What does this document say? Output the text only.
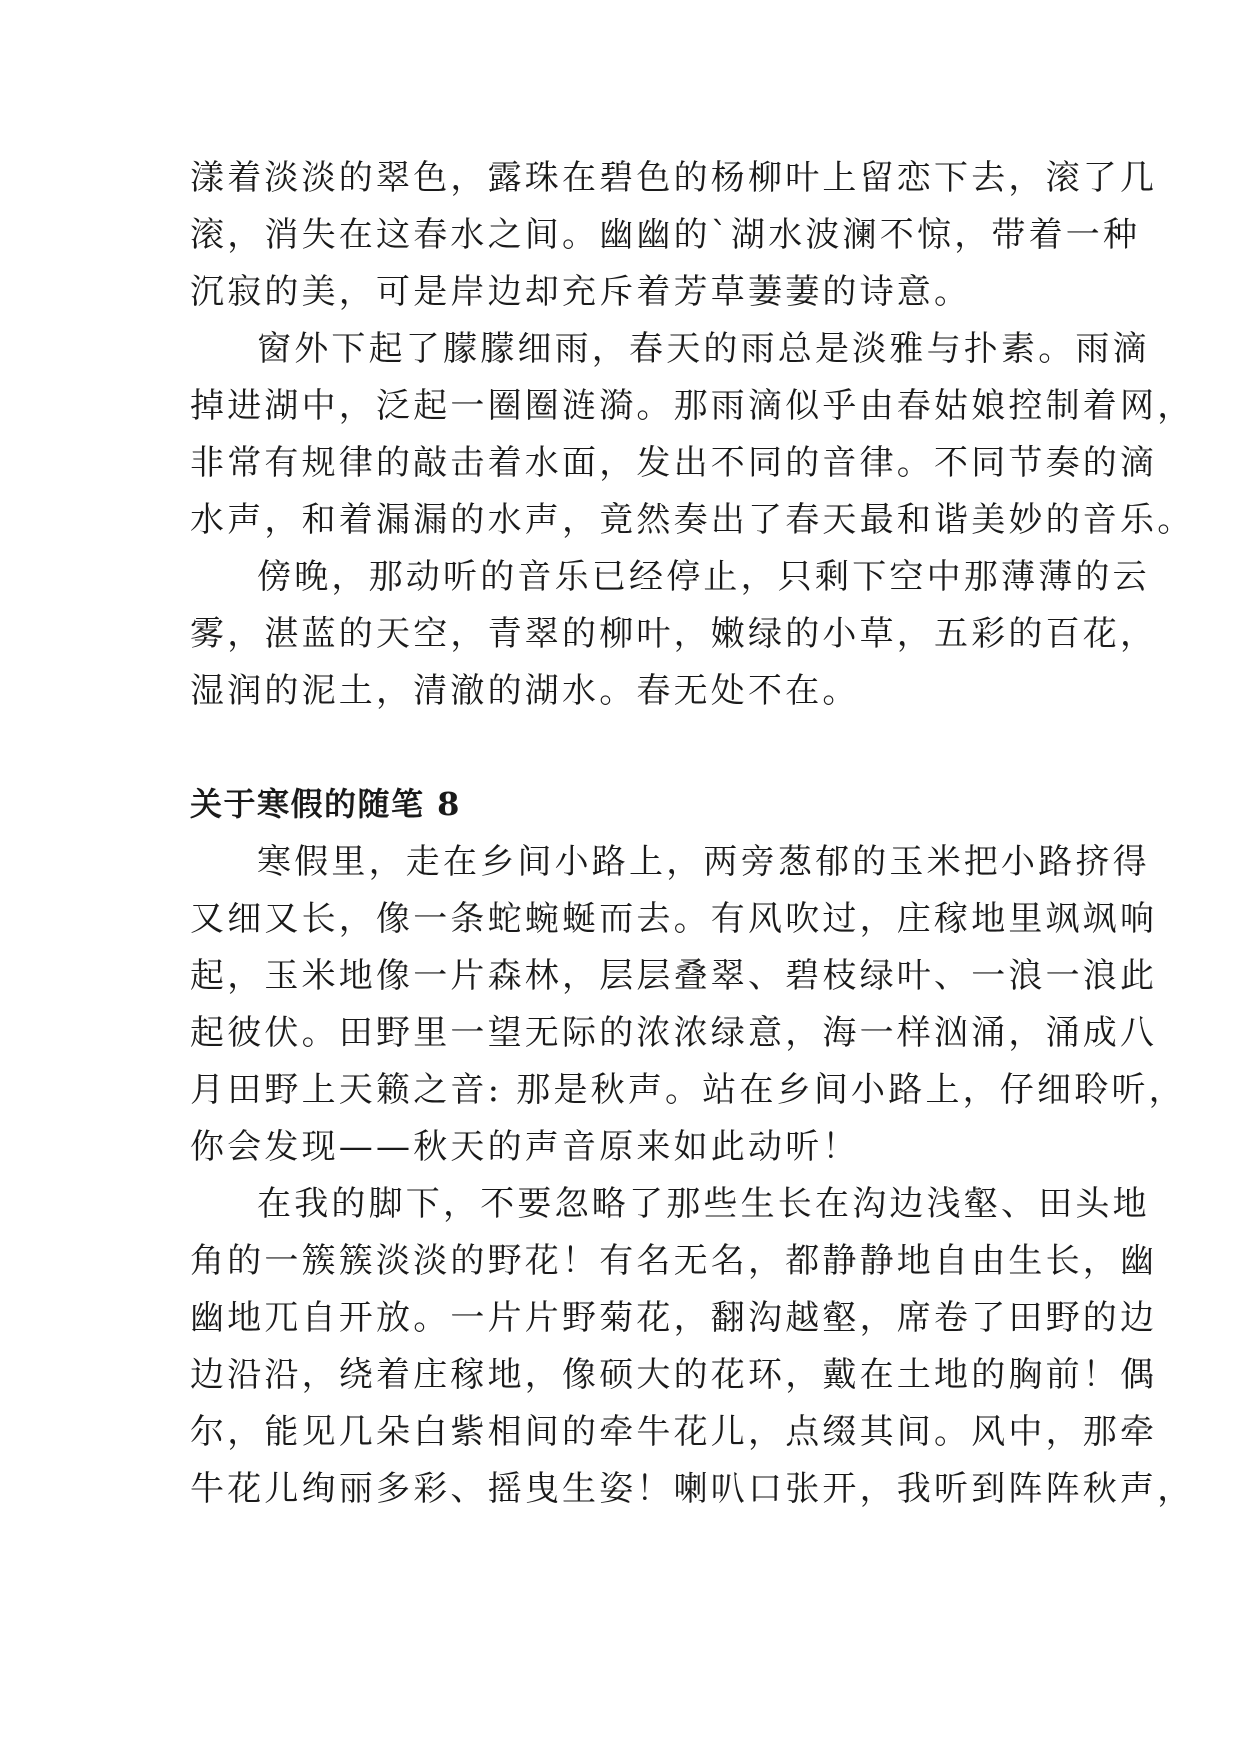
漾着淡淡的翠色，露珠在碧色的杨柳叶上留恋下去，滚了几

滚，消失在这春水之间。幽幽的`湖水波澜不惊，带着一种

沉寂的美，可是岸边却充斥着芳草萋萋的诗意。

窗外下起了朦朦细雨，春天的雨总是淡雅与扑素。雨滴

掉进湖中，泛起一圈圈涟漪。那雨滴似乎由春姑娘控制着网，

非常有规律的敲击着水面，发出不同的音律。不同节奏的滴

水声，和着漏漏的水声，竟然奏出了春天最和谐美妙的音乐。

傍晚，那动听的音乐已经停止，只剩下空中那薄薄的云

雾，湛蓝的天空，青翠的柳叶，嫩绿的小草，五彩的百花，

湿润的泥土，清澈的湖水。春无处不在。

关于寒假的随笔 8

寒假里，走在乡间小路上，两旁葱郁的玉米把小路挤得

又细又长，像一条蛇蜿蜒而去。有风吹过，庄稼地里飒飒响

起，玉米地像一片森林，层层叠翠、碧枝绿叶、一浪一浪此

起彼伏。田野里一望无际的浓浓绿意，海一样汹涌，涌成八

月田野上天籁之音: 那是秋声。站在乡间小路上，仔细聆听，

你会发现——秋天的声音原来如此动听！

在我的脚下，不要忽略了那些生长在沟边浅壑、田头地

角的一簇簇淡淡的野花！有名无名，都静静地自由生长，幽

幽地兀自开放。一片片野菊花，翻沟越壑，席卷了田野的边

边沿沿，绕着庄稼地，像硕大的花环，戴在土地的胸前！偶

尔，能见几朵白紫相间的牵牛花儿，点缀其间。风中，那牵

牛花儿绚丽多彩、摇曳生姿！喇叭口张开，我听到阵阵秋声，
